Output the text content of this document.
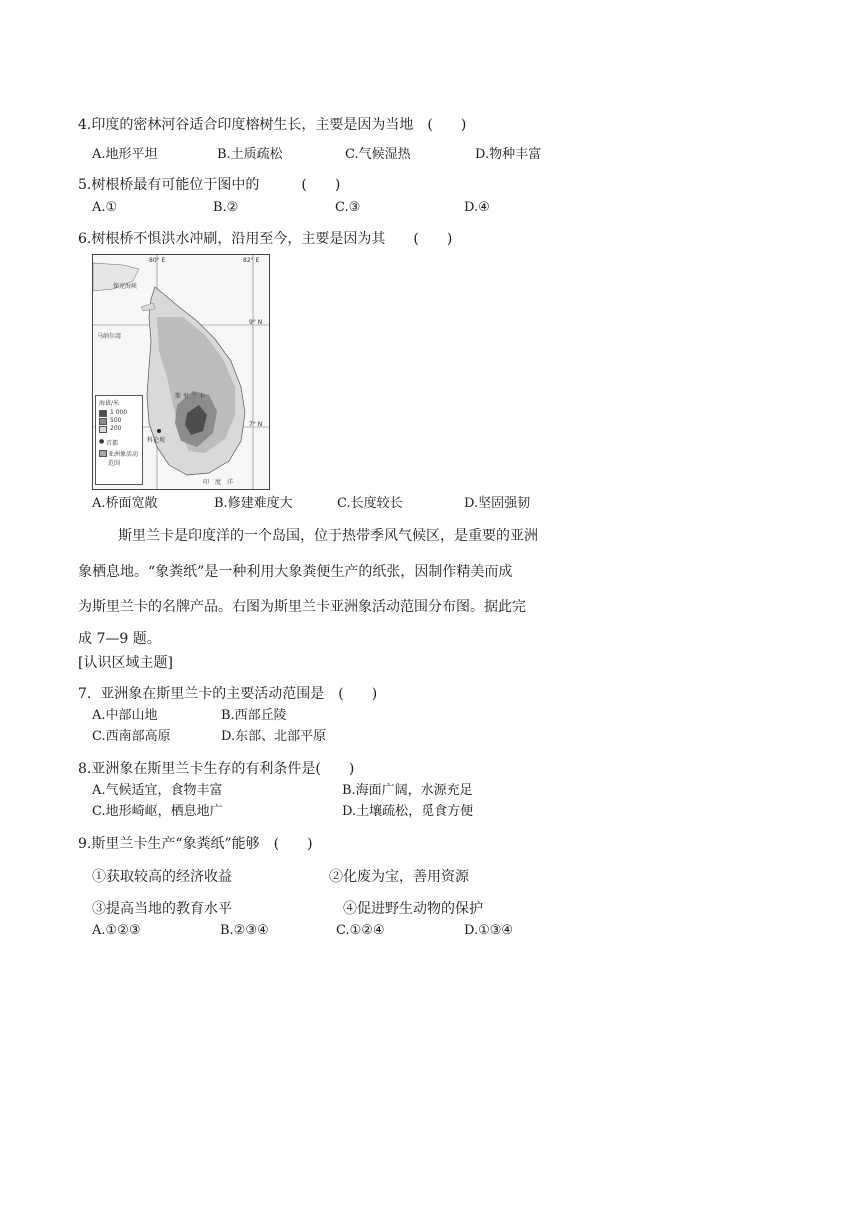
4.印度的密林河谷适合印度榕树生长，主要是因为当地　(　　)
A.地形平坦	B.土质疏松	C.气候湿热	D.物种丰富
5.树根桥最有可能位于图中的　　　(　　)
A.①	B.②	C.③	D.④
6.树根桥不惧洪水冲刷，沿用至今，主要是因为其　　(　　)
80° E	82° E
9° N
7° N
保克海峡
马纳尔湾
斯 里 兰 卡
科伦坡
印　度　洋
海拔/米
1 000
500
200
● 首都
亚洲象活动范围
A.桥面宽敞	B.修建难度大	C.长度较长	D.坚固强韧
斯里兰卡是印度洋的一个岛国，位于热带季风气候区，是重要的亚洲
象栖息地。“象粪纸”是一种利用大象粪便生产的纸张，因制作精美而成
为斯里兰卡的名牌产品。右图为斯里兰卡亚洲象活动范围分布图。据此完
成 7—9 题。
[认识区域主题]
7.  亚洲象在斯里兰卡的主要活动范围是　(　　)
A.中部山地	B.西部丘陵
C.西南部高原	D.东部、北部平原
8.亚洲象在斯里兰卡生存的有利条件是(　　)
A.气候适宜，食物丰富	B.海面广阔，水源充足
C.地形崎岖，栖息地广	D.土壤疏松，觅食方便
9.斯里兰卡生产“象粪纸”能够　(　　)
①获取较高的经济收益	②化废为宝，善用资源
③提高当地的教育水平	④促进野生动物的保护
A.①②③	B.②③④	C.①②④	D.①③④
